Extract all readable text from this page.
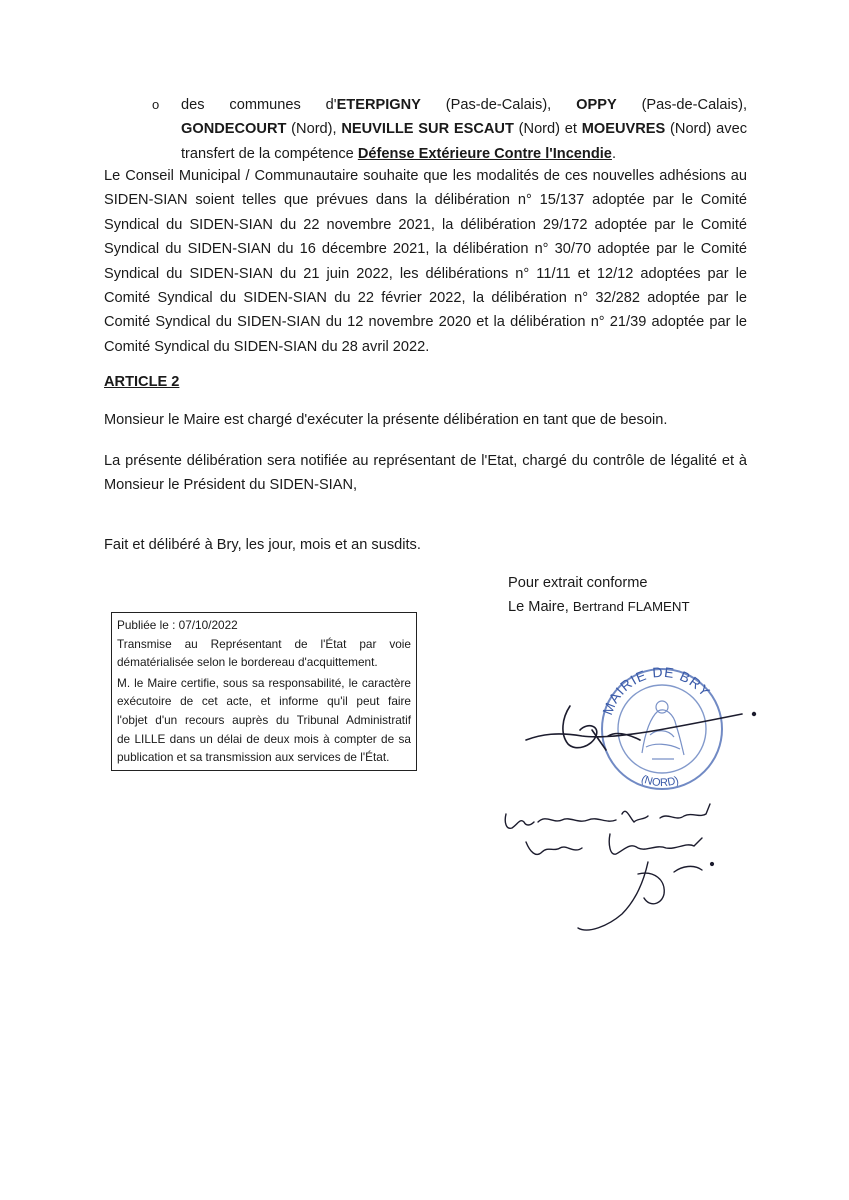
o	des communes d'ETERPIGNY (Pas-de-Calais), OPPY (Pas-de-Calais), GONDECOURT (Nord), NEUVILLE SUR ESCAUT (Nord) et MOEUVRES (Nord) avec transfert de la compétence Défense Extérieure Contre l'Incendie.

Le Conseil Municipal / Communautaire souhaite que les modalités de ces nouvelles adhésions au SIDEN-SIAN soient telles que prévues dans la délibération n° 15/137 adoptée par le Comité Syndical du SIDEN-SIAN du 22 novembre 2021, la délibération 29/172 adoptée par le Comité Syndical du SIDEN-SIAN du 16 décembre 2021, la délibération n° 30/70 adoptée par le Comité Syndical du SIDEN-SIAN du 21 juin 2022, les délibérations n° 11/11 et 12/12 adoptées par le Comité Syndical du SIDEN-SIAN du 22 février 2022, la délibération n° 32/282 adoptée par le Comité Syndical du SIDEN-SIAN du 12 novembre 2020 et la délibération n° 21/39 adoptée par le Comité Syndical du SIDEN-SIAN du 28 avril 2022.

ARTICLE 2

Monsieur le Maire est chargé d'exécuter la présente délibération en tant que de besoin.

La présente délibération sera notifiée au représentant de l'Etat, chargé du contrôle de légalité et à Monsieur le Président du SIDEN-SIAN,

Fait et délibéré à Bry, les jour, mois et an susdits.

Pour extrait conforme
Le Maire, Bertrand FLAMENT
Publiée le : 07/10/2022
Transmise au Représentant de l'État par voie
dématérialisée selon le bordereau d'acquittement.
M. le Maire certifie, sous sa responsabilité, le caractère
exécutoire de cet acte, et informe qu'il peut faire
l'objet d'un recours auprès du Tribunal Administratif
de LILLE dans un délai de deux mois à compter de sa
publication et sa transmission aux services de l'État.
MAIRIE DE BRY
(NORD)
